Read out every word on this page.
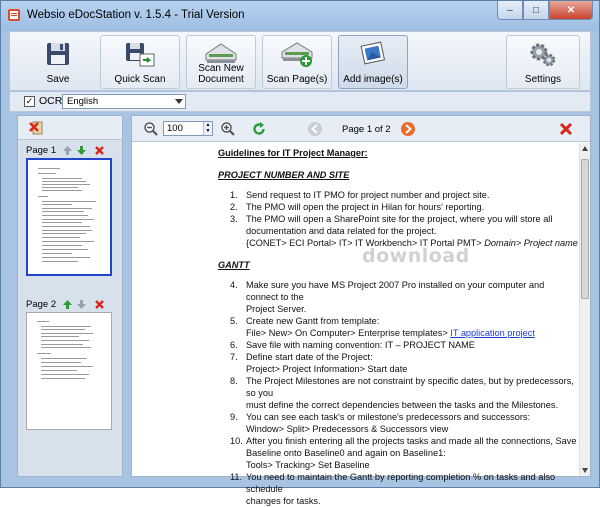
Websio eDocStation v. 1.5.4 - Trial Version	– □	✕
Save	Quick Scan
Scan New
Document Scan Page(s) Add image(s)	Settings
✓ OCR English
Page 1
Page 2
100	▲
▼	Page 1 of 2
Guidelines for IT Project Manager:
PROJECT NUMBER AND SITE
1. Send request to IT PMO for project number and project site.
2. The PMO will open the project in Hilan for hours' reporting.
3. The PMO will open a SharePoint site for the project, where you will store all
documentation and data related for the project.
{CONET> ECI Portal> IT> IT Workbench> IT Portal PMT> Domain> Project name
GANTT
4. Make sure you have MS Project 2007 Pro installed on your computer and connect to the
Project Server.
5. Create new Gantt from template:
File> New> On Computer> Enterprise templates> IT application project
6. Save file with naming convention: IT – PROJECT NAME
7. Define start date of the Project:
Project> Project Information> Start date
8. The Project Milestones are not constraint by specific dates, but by predecessors, so you
must define the correct dependencies between the tasks and the Milestones.
9. You can see each task's or milestone's predecessors and successors:
Window> Split> Predecessors & Successors view
10. After you finish entering all the projects tasks and made all the connections, Save
Baseline onto Baseline0 and again on Baseline1:
Tools> Tracking> Set Baseline
11. You need to maintain the Gantt by reporting completion % on tasks and also schedule
changes for tasks.
download
